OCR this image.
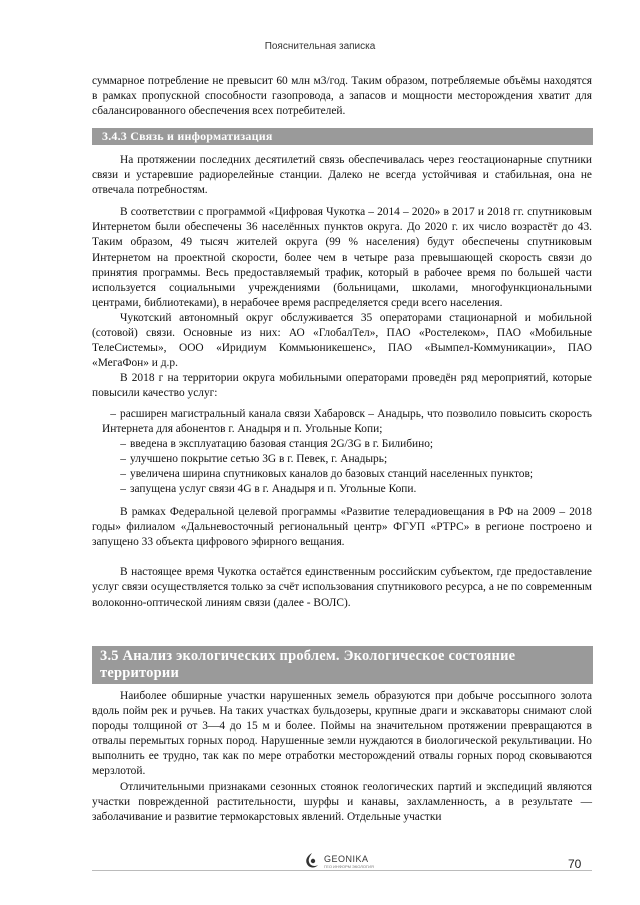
Пояснительная записка

суммарное потребление не превысит 60 млн м3/год. Таким образом, потребляемые объёмы находятся в рамках пропускной способности газопровода, а запасов и мощности месторождения хватит для сбалансированного обеспечения всех потребителей.

3.4.3 Связь и информатизация

На протяжении последних десятилетий связь обеспечивалась через геостационарные спутники связи и устаревшие радиорелейные станции. Далеко не всегда устойчивая и стабильная, она не отвечала потребностям.

В соответствии с программой «Цифровая Чукотка – 2014 – 2020» в 2017 и 2018 гг. спутниковым Интернетом были обеспечены 36 населённых пунктов округа. До 2020 г. их число возрастёт до 43. Таким образом, 49 тысяч жителей округа (99 % населения) будут обеспечены спутниковым Интернетом на проектной скорости, более чем в четыре раза превышающей скорость связи до принятия программы. Весь предоставляемый трафик, который в рабочее время по большей части используется социальными учреждениями (больницами, школами, многофункциональными центрами, библиотеками), в нерабочее время распределяется среди всего населения.

Чукотский автономный округ обслуживается 35 операторами стационарной и мобильной (сотовой) связи. Основные из них: АО «ГлобалТел», ПАО «Ростелеком», ПАО «Мобильные ТелеСистемы», ООО «Иридиум Коммьюникешенс», ПАО «Вымпел-Коммуникации», ПАО «МегаФон» и д.р.

В 2018 г на территории округа мобильными операторами проведён ряд мероприятий, которые повысили качество услуг:

– расширен магистральный канала связи Хабаровск – Анадырь, что позволило повысить скорость Интернета для абонентов г. Анадыря и п. Угольные Копи;

– введена в эксплуатацию базовая станция 2G/3G в г. Билибино;

– улучшено покрытие сетью 3G в г. Певек, г. Анадырь;

– увеличена ширина спутниковых каналов до базовых станций населенных пунктов;

– запущена услуг связи 4G в г. Анадыря и п. Угольные Копи.

В рамках Федеральной целевой программы «Развитие телерадиовещания в РФ на 2009 – 2018 годы» филиалом «Дальневосточный региональный центр» ФГУП «РТРС» в регионе построено и запущено 33 объекта цифрового эфирного вещания.

В настоящее время Чукотка остаётся единственным российским субъектом, где предоставление услуг связи осуществляется только за счёт использования спутникового ресурса, а не по современным волоконно-оптической линиям связи (далее - ВОЛС).

3.5 Анализ экологических проблем. Экологическое состояние территории

Наиболее обширные участки нарушенных земель образуются при добыче россыпного золота вдоль пойм рек и ручьев. На таких участках бульдозеры, крупные драги и экскаваторы снимают слой породы толщиной от 3—4 до 15 м и более. Поймы на значительном протяжении превращаются в отвалы перемытых горных пород. Нарушенные земли нуждаются в биологической рекультивации. Но выполнить ее трудно, так как по мере отработки месторождений отвалы горных пород сковываются мерзлотой.

Отличительными признаками сезонных стоянок геологических партий и экспедиций являются участки поврежденной растительности, шурфы и канавы, захламленность, а в результате — заболачивание и развитие термокарстовых явлений. Отдельные участки

GEONIKA
ГЕО ИНФОРМ ЭКОЛОГИЯ	70
